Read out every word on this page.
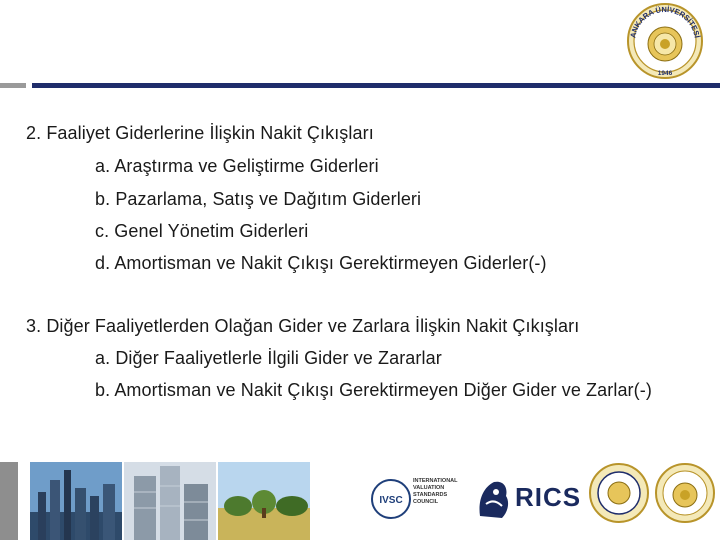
ANKARA ÜNİVERSİTESİ
1946
2. Faaliyet Giderlerine İlişkin Nakit Çıkışları
a. Araştırma ve Geliştirme Giderleri
b. Pazarlama, Satış ve Dağıtım Giderleri
c. Genel Yönetim Giderleri
d. Amortisman ve Nakit Çıkışı Gerektirmeyen Giderler(-)
3. Diğer Faaliyetlerden Olağan Gider ve Zarlara İlişkin Nakit Çıkışları
a. Diğer Faaliyetlerle İlgili Gider ve Zararlar
b. Amortisman ve Nakit Çıkışı Gerektirmeyen Diğer Gider ve Zarlar(-)
IVSC
INTERNATIONAL
VALUATION
STANDARDS
COUNCIL	RICS
